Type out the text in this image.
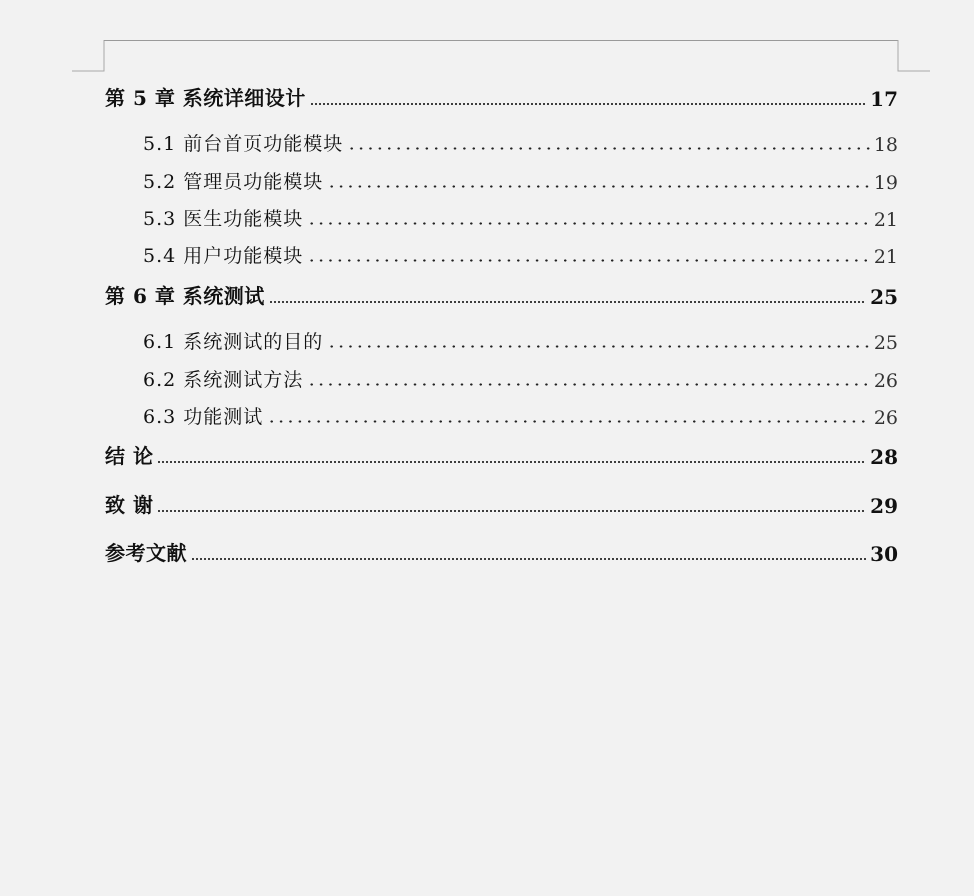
第 5 章 系统详细设计	17
5.1 前台首页功能模块	18
5.2 管理员功能模块	19
5.3 医生功能模块	21
5.4 用户功能模块	21
第 6 章 系统测试	25
6.1 系统测试的目的	25
6.2 系统测试方法	26
6.3 功能测试	26
结 论	28
致 谢	29
参考文献	30
